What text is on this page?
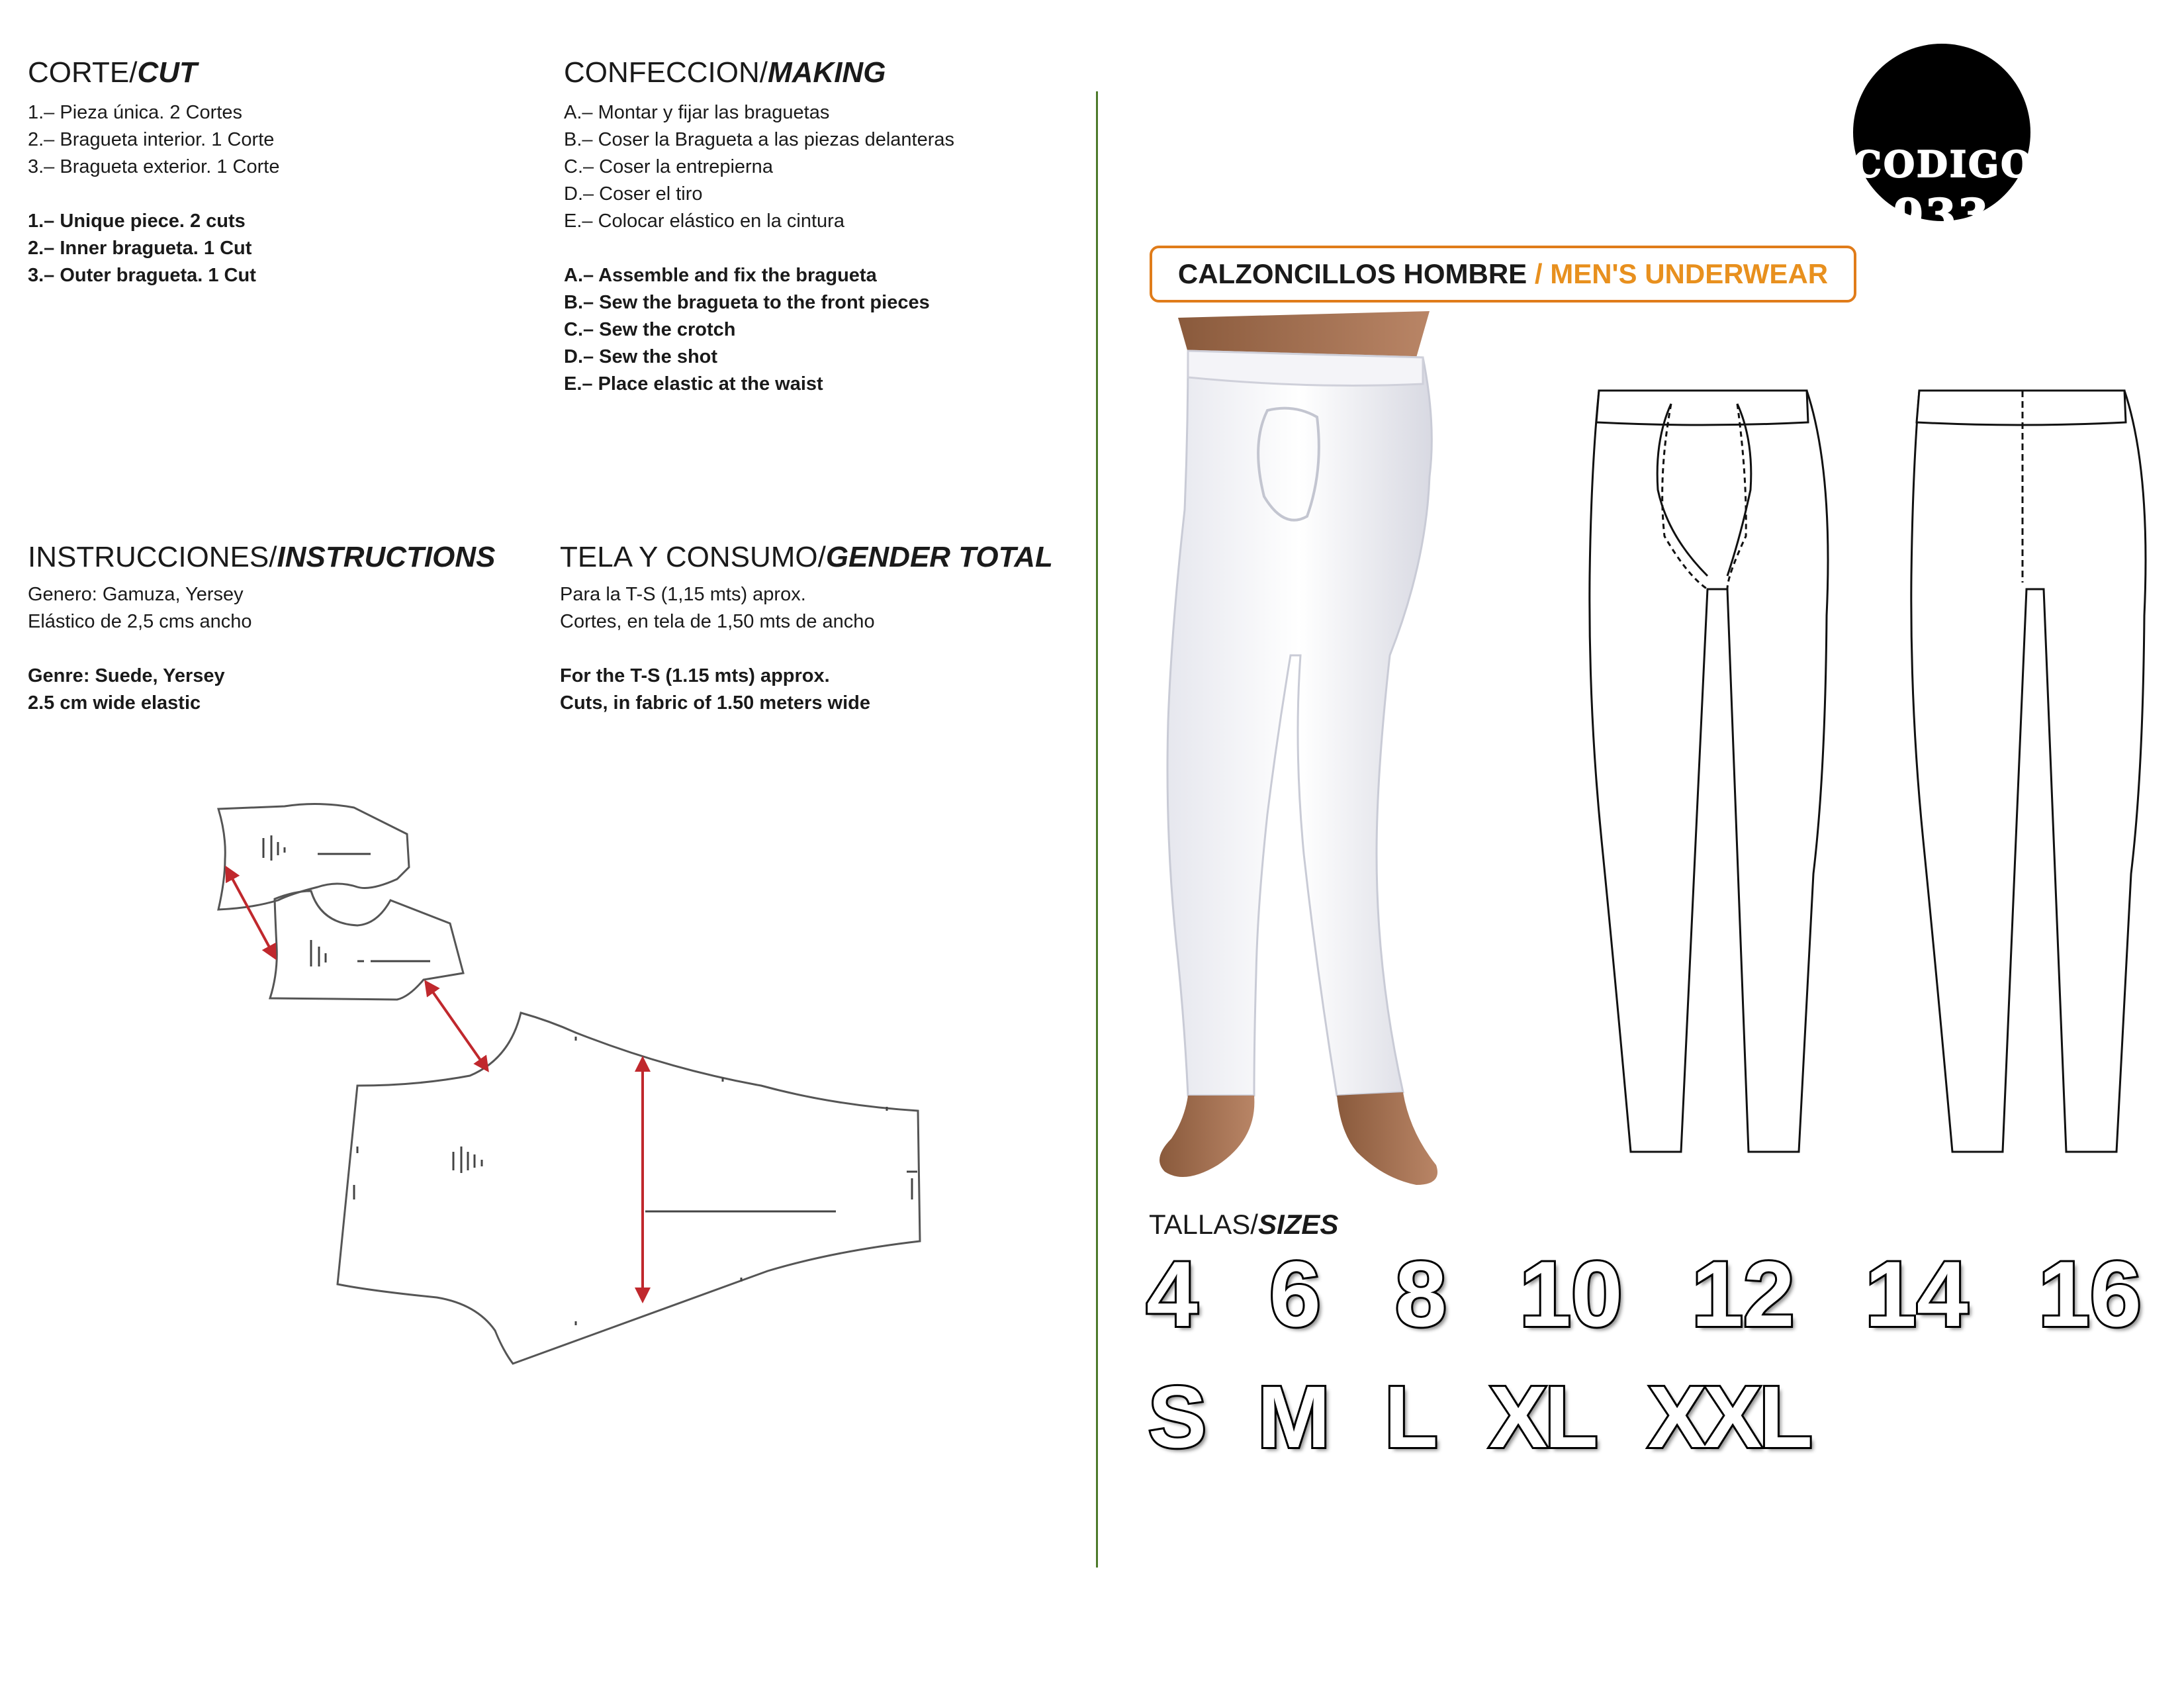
CORTE/CUT
1.– Pieza única. 2 Cortes
2.– Bragueta interior. 1 Corte
3.– Bragueta exterior. 1 Corte
1.– Unique piece. 2 cuts
2.– Inner bragueta. 1 Cut
3.– Outer bragueta. 1 Cut
CONFECCION/MAKING
A.– Montar y fijar las braguetas
B.– Coser la Bragueta a las piezas delanteras
C.– Coser la entrepierna
D.– Coser el tiro
E.– Colocar elástico en la cintura
A.– Assemble and fix the bragueta
B.– Sew the bragueta to the front pieces
C.– Sew the crotch
D.– Sew the shot
E.– Place elastic at the waist
INSTRUCCIONES/INSTRUCTIONS
Genero: Gamuza, Yersey
Elástico de 2,5 cms ancho
Genre: Suede, Yersey
2.5 cm wide elastic
TELA Y CONSUMO/GENDER TOTAL
Para la T-S (1,15 mts) aprox.
Cortes, en tela de 1,50 mts de ancho
For the T-S (1.15 mts) approx.
Cuts, in fabric of 1.50 meters wide
CODIGO
933
CALZONCILLOS HOMBRE / MEN'S UNDERWEAR
TALLAS/SIZES
4 6 8 10 12 14 16
S M L XL XXL
